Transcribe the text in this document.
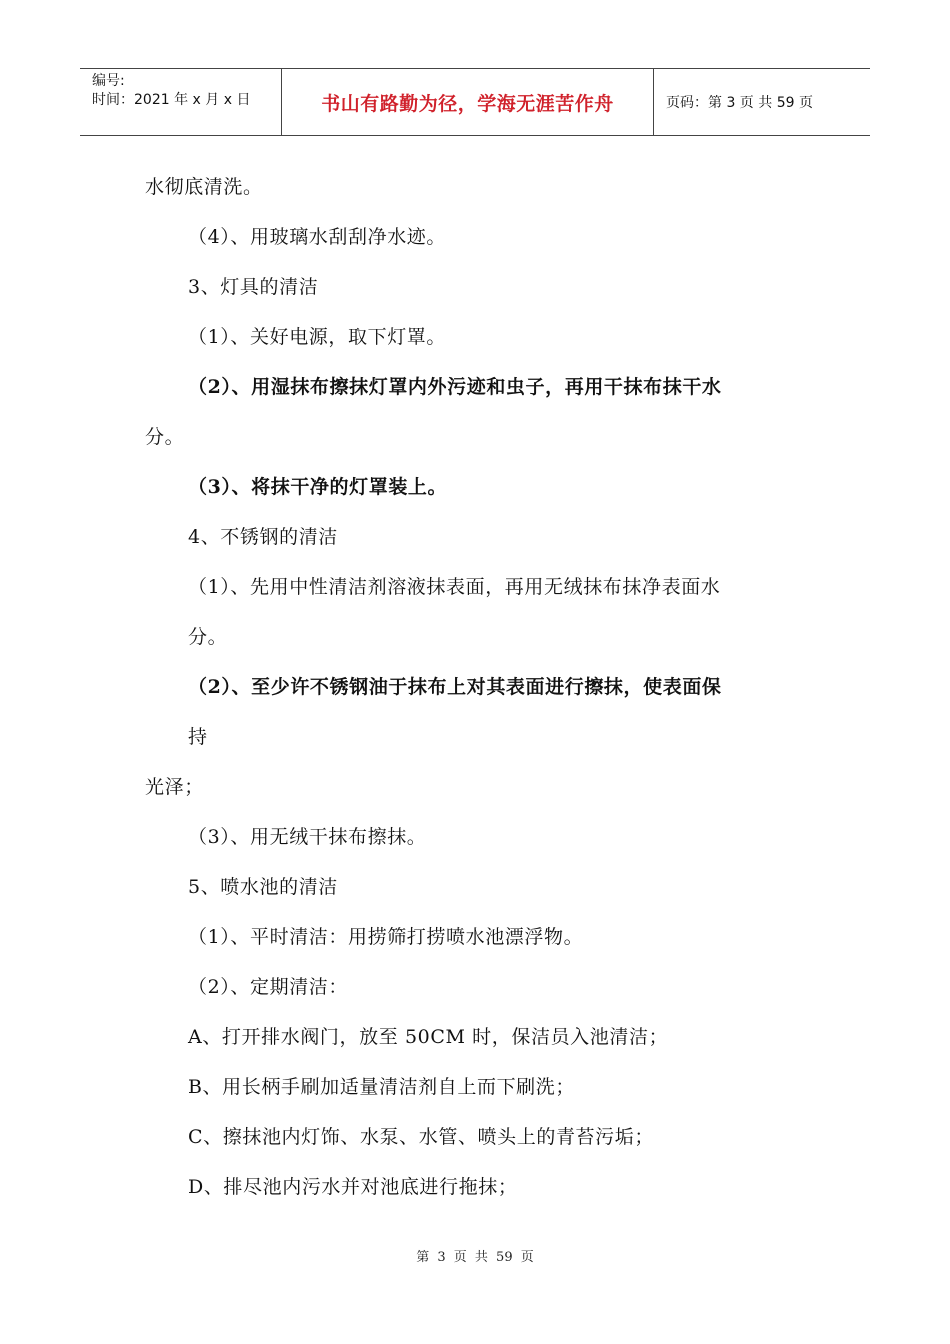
编号:
时间：2021 年 x 月 x 日	书山有路勤为径，学海无涯苦作舟	页码：第 3 页 共 59 页
水彻底清洗。
（4）、用玻璃水刮刮净水迹。
3、灯具的清洁
（1）、关好电源，取下灯罩。
（2）、用湿抹布擦抹灯罩内外污迹和虫子，再用干抹布抹干水
分。
（3）、将抹干净的灯罩装上。
4、不锈钢的清洁
（1）、先用中性清洁剂溶液抹表面，再用无绒抹布抹净表面水
分。
（2）、至少许不锈钢油于抹布上对其表面进行擦抹，使表面保
持
光泽；
（3）、用无绒干抹布擦抹。
5、喷水池的清洁
（1）、平时清洁：用捞筛打捞喷水池漂浮物。
（2）、定期清洁：
A、打开排水阀门，放至 50CM 时，保洁员入池清洁；
B、用长柄手刷加适量清洁剂自上而下刷洗；
C、擦抹池内灯饰、水泵、水管、喷头上的青苔污垢；
D、排尽池内污水并对池底进行拖抹；
第 3 页 共 59 页
